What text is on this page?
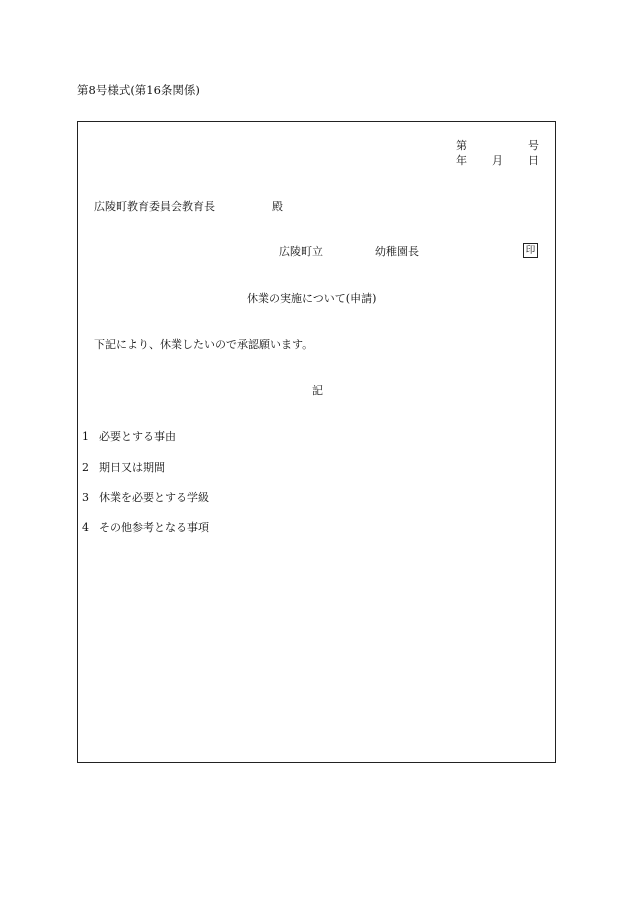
第8号様式(第16条関係)
第	号
年 月 日
広陵町教育委員会教育長	殿
広陵町立	幼稚園長	印
休業の実施について(申請)
下記により、休業したいので承認願います。
記
1 必要とする事由
2 期日又は期間
3 休業を必要とする学級
4 その他参考となる事項
